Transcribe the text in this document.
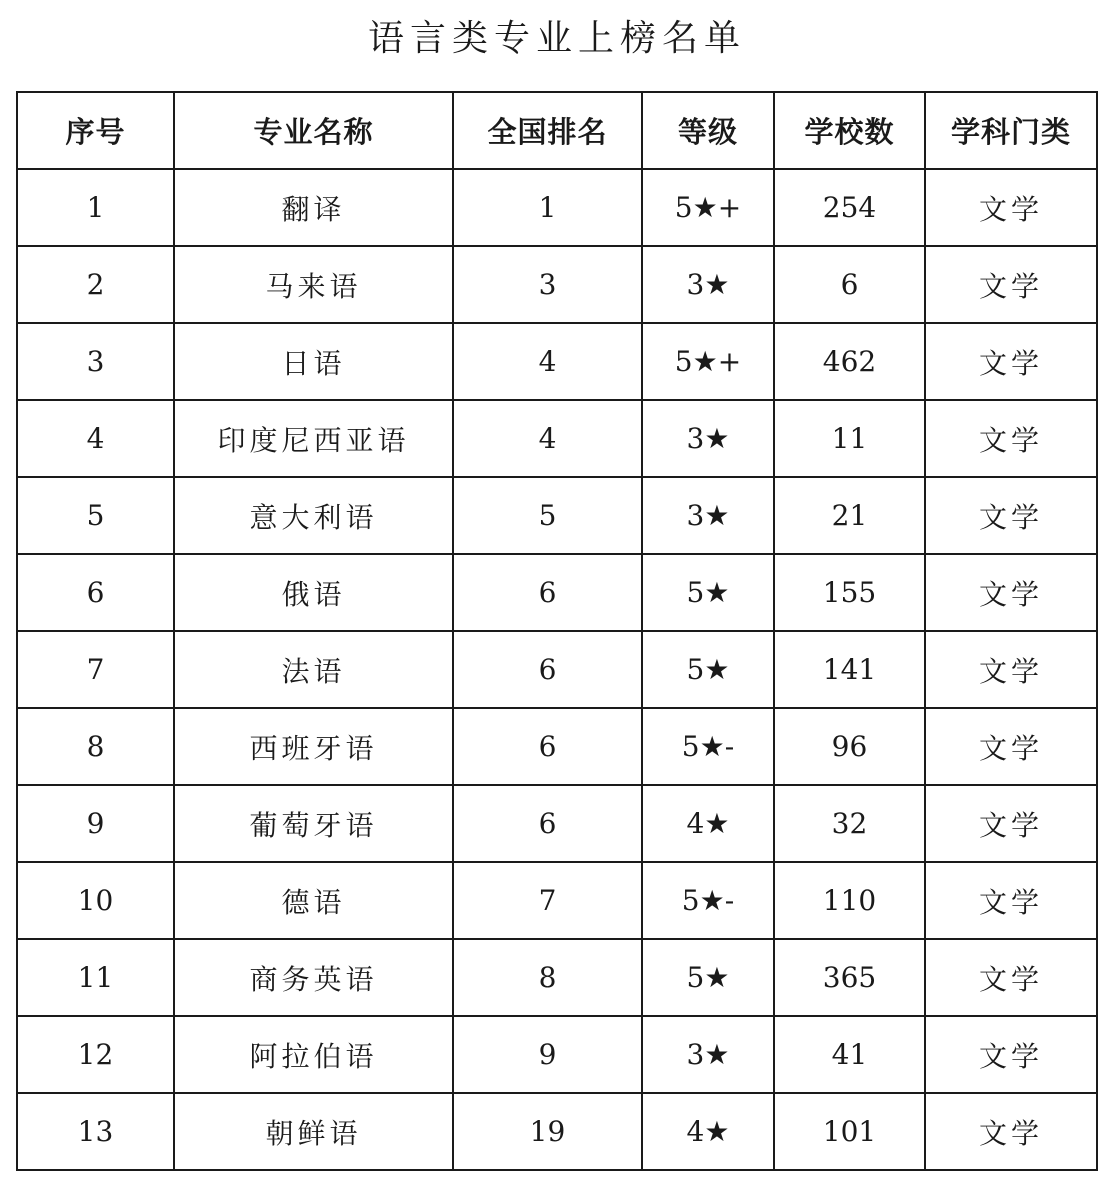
语言类专业上榜名单
序号	专业名称	全国排名	等级	学校数	学科门类
1	翻译	1	5★+	254	文学
2	马来语	3	3★	6	文学
3	日语	4	5★+	462	文学
4	印度尼西亚语	4	3★	11	文学
5	意大利语	5	3★	21	文学
6	俄语	6	5★	155	文学
7	法语	6	5★	141	文学
8	西班牙语	6	5★-	96	文学
9	葡萄牙语	6	4★	32	文学
10	德语	7	5★-	110	文学
11	商务英语	8	5★	365	文学
12	阿拉伯语	9	3★	41	文学
13	朝鲜语	19	4★	101	文学
